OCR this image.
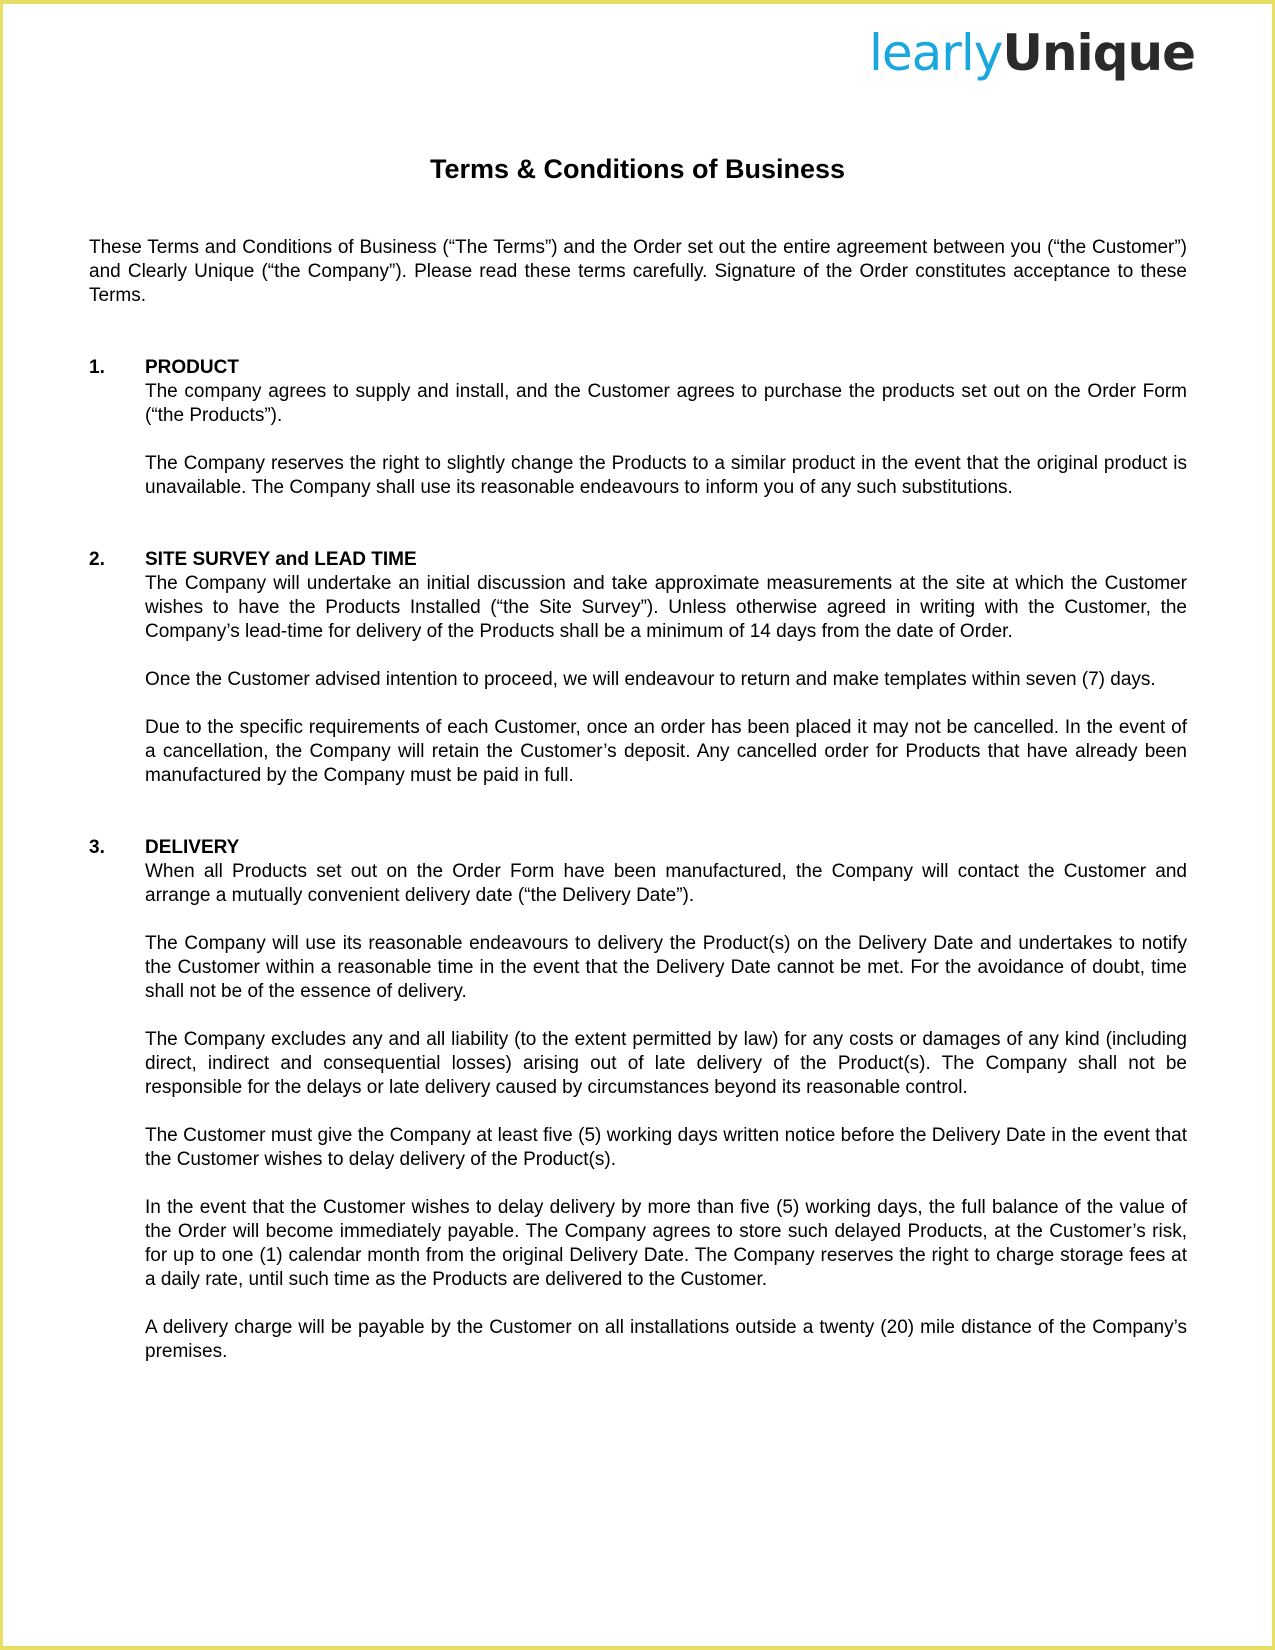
learlyUnique
Terms & Conditions of Business

These Terms and Conditions of Business (“The Terms”) and the Order set out the entire agreement between you (“the Customer”) and Clearly Unique (“the Company”). Please read these terms carefully. Signature of the Order constitutes acceptance to these Terms.

1.	PRODUCT

The company agrees to supply and install, and the Customer agrees to purchase the products set out on the Order Form (“the Products”).

The Company reserves the right to slightly change the Products to a similar product in the event that the original product is unavailable. The Company shall use its reasonable endeavours to inform you of any such substitutions.

2.	SITE SURVEY and LEAD TIME

The Company will undertake an initial discussion and take approximate measurements at the site at which the Customer wishes to have the Products Installed (“the Site Survey”). Unless otherwise agreed in writing with the Customer, the Company’s lead-time for delivery of the Products shall be a minimum of 14 days from the date of Order.

Once the Customer advised intention to proceed, we will endeavour to return and make templates within seven (7) days.

Due to the specific requirements of each Customer, once an order has been placed it may not be cancelled. In the event of a cancellation, the Company will retain the Customer’s deposit. Any cancelled order for Products that have already been manufactured by the Company must be paid in full.

3.	DELIVERY

When all Products set out on the Order Form have been manufactured, the Company will contact the Customer and arrange a mutually convenient delivery date (“the Delivery Date”).

The Company will use its reasonable endeavours to delivery the Product(s) on the Delivery Date and undertakes to notify the Customer within a reasonable time in the event that the Delivery Date cannot be met. For the avoidance of doubt, time shall not be of the essence of delivery.

The Company excludes any and all liability (to the extent permitted by law) for any costs or damages of any kind (including direct, indirect and consequential losses) arising out of late delivery of the Product(s). The Company shall not be responsible for the delays or late delivery caused by circumstances beyond its reasonable control.

The Customer must give the Company at least five (5) working days written notice before the Delivery Date in the event that the Customer wishes to delay delivery of the Product(s).

In the event that the Customer wishes to delay delivery by more than five (5) working days, the full balance of the value of the Order will become immediately payable. The Company agrees to store such delayed Products, at the Customer’s risk, for up to one (1) calendar month from the original Delivery Date. The Company reserves the right to charge storage fees at a daily rate, until such time as the Products are delivered to the Customer.

A delivery charge will be payable by the Customer on all installations outside a twenty (20) mile distance of the Company’s premises.
